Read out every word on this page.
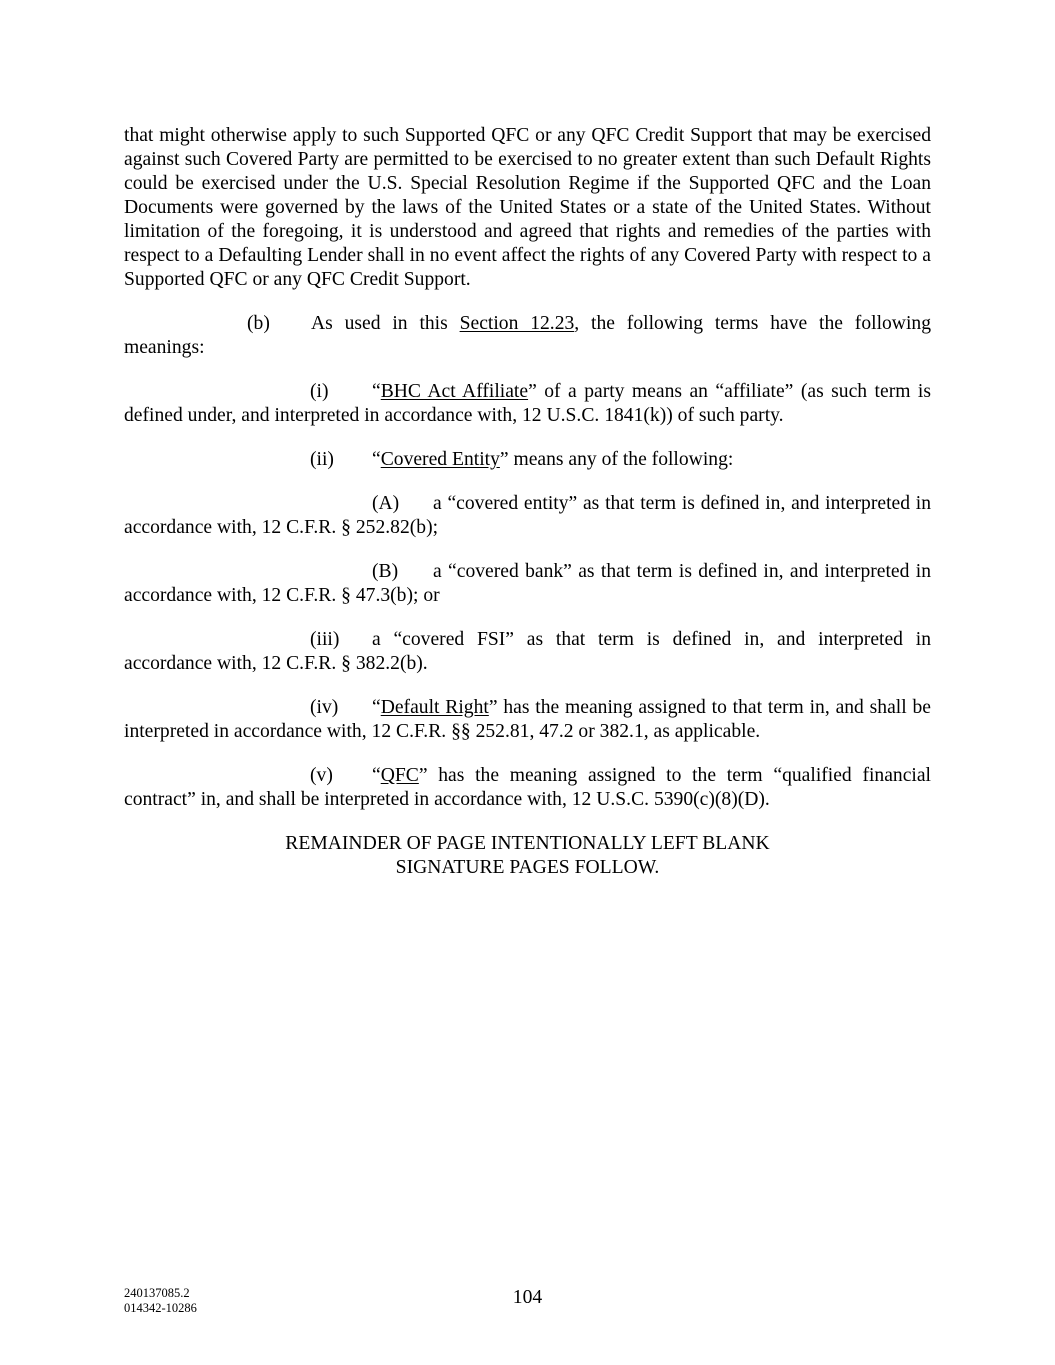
that might otherwise apply to such Supported QFC or any QFC Credit Support that may be exercised against such Covered Party are permitted to be exercised to no greater extent than such Default Rights could be exercised under the U.S. Special Resolution Regime if the Supported QFC and the Loan Documents were governed by the laws of the United States or a state of the United States. Without limitation of the foregoing, it is understood and agreed that rights and remedies of the parties with respect to a Defaulting Lender shall in no event affect the rights of any Covered Party with respect to a Supported QFC or any QFC Credit Support.

(b) As used in this Section 12.23, the following terms have the following meanings:

(i) “BHC Act Affiliate” of a party means an “affiliate” (as such term is defined under, and interpreted in accordance with, 12 U.S.C. 1841(k)) of such party.

(ii) “Covered Entity” means any of the following:

(A) a “covered entity” as that term is defined in, and interpreted in accordance with, 12 C.F.R. § 252.82(b);

(B) a “covered bank” as that term is defined in, and interpreted in accordance with, 12 C.F.R. § 47.3(b); or

(iii) a “covered FSI” as that term is defined in, and interpreted in accordance with, 12 C.F.R. § 382.2(b).

(iv) “Default Right” has the meaning assigned to that term in, and shall be interpreted in accordance with, 12 C.F.R. §§ 252.81, 47.2 or 382.1, as applicable.

(v) “QFC” has the meaning assigned to the term “qualified financial contract” in, and shall be interpreted in accordance with, 12 U.S.C. 5390(c)(8)(D).

REMAINDER OF PAGE INTENTIONALLY LEFT BLANK
SIGNATURE PAGES FOLLOW.
240137085.2
014342-10286	104
